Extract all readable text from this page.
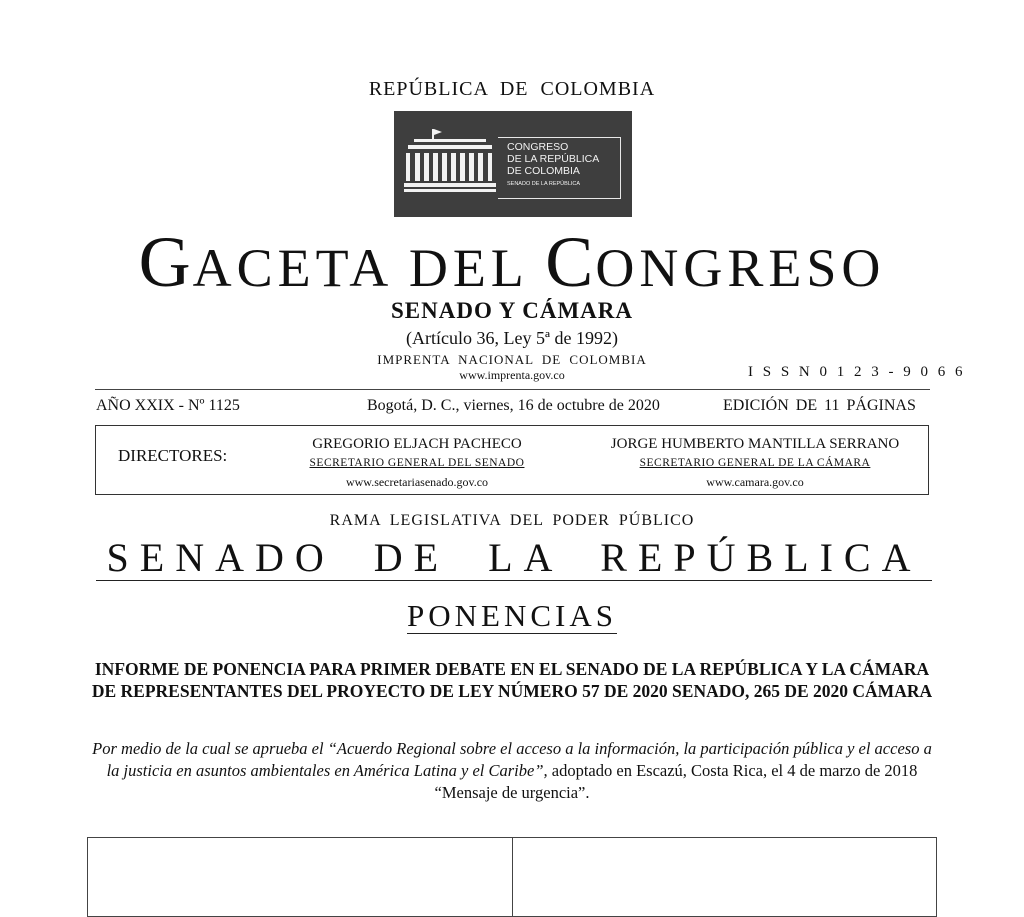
REPÚBLICA DE COLOMBIA
CONGRESO
DE LA REPÚBLICA
DE COLOMBIA
SENADO DE LA REPÚBLICA
GACETA DEL CONGRESO
SENADO Y CÁMARA
(Artículo 36, Ley 5ª de 1992)
IMPRENTA NACIONAL DE COLOMBIA
www.imprenta.gov.co	I S S N 0 1 2 3 - 9 0 6 6
AÑO XXIX - Nº 1125	Bogotá, D. C., viernes, 16 de octubre de 2020	EDICIÓN DE 11 PÁGINAS
DIRECTORES:
GREGORIO ELJACH PACHECO
SECRETARIO GENERAL DEL SENADO
www.secretariasenado.gov.co
JORGE HUMBERTO MANTILLA SERRANO
SECRETARIO GENERAL DE LA CÁMARA
www.camara.gov.co
RAMA LEGISLATIVA DEL PODER PÚBLICO
SENADO DE LA REPÚBLICA
PONENCIAS
INFORME DE PONENCIA PARA PRIMER DEBATE EN EL SENADO DE LA REPÚBLICA Y LA CÁMARA DE REPRESENTANTES DEL PROYECTO DE LEY NÚMERO 57 DE 2020 SENADO, 265 DE 2020 CÁMARA
Por medio de la cual se aprueba el “Acuerdo Regional sobre el acceso a la información, la participación pública y el acceso a la justicia en asuntos ambientales en América Latina y el Caribe”, adoptado en Escazú, Costa Rica, el 4 de marzo de 2018 “Mensaje de urgencia”.
